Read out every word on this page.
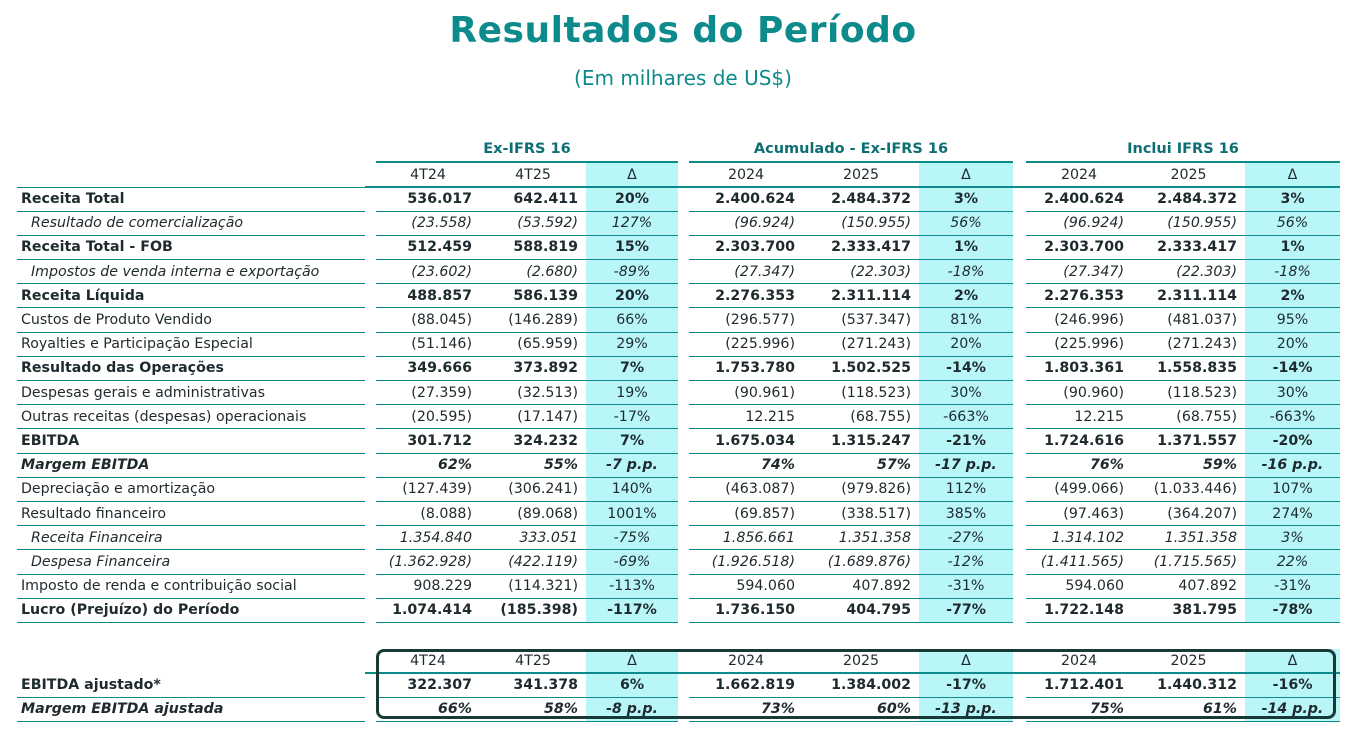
Resultados do Período
(Em milhares de US$)
Ex-IFRS 16	Acumulado - Ex-IFRS 16	Inclui IFRS 16
		4T24	4T25	Δ		2024	2025	Δ		2024	2025	Δ
Receita Total		536.017	642.411	20%		2.400.624	2.484.372	3%		2.400.624	2.484.372	3%
Resultado de comercialização		(23.558)	(53.592)	127%		(96.924)	(150.955)	56%		(96.924)	(150.955)	56%
Receita Total - FOB		512.459	588.819	15%		2.303.700	2.333.417	1%		2.303.700	2.333.417	1%
Impostos de venda interna e exportação		(23.602)	(2.680)	-89%		(27.347)	(22.303)	-18%		(27.347)	(22.303)	-18%
Receita Líquida		488.857	586.139	20%		2.276.353	2.311.114	2%		2.276.353	2.311.114	2%
Custos de Produto Vendido		(88.045)	(146.289)	66%		(296.577)	(537.347)	81%		(246.996)	(481.037)	95%
Royalties e Participação Especial		(51.146)	(65.959)	29%		(225.996)	(271.243)	20%		(225.996)	(271.243)	20%
Resultado das Operações		349.666	373.892	7%		1.753.780	1.502.525	-14%		1.803.361	1.558.835	-14%
Despesas gerais e administrativas		(27.359)	(32.513)	19%		(90.961)	(118.523)	30%		(90.960)	(118.523)	30%
Outras receitas (despesas) operacionais		(20.595)	(17.147)	-17%		12.215	(68.755)	-663%		12.215	(68.755)	-663%
EBITDA		301.712	324.232	7%		1.675.034	1.315.247	-21%		1.724.616	1.371.557	-20%
Margem EBITDA		62%	55%	-7 p.p.		74%	57%	-17 p.p.		76%	59%	-16 p.p.
Depreciação e amortização		(127.439)	(306.241)	140%		(463.087)	(979.826)	112%		(499.066)	(1.033.446)	107%
Resultado financeiro		(8.088)	(89.068)	1001%		(69.857)	(338.517)	385%		(97.463)	(364.207)	274%
Receita Financeira		1.354.840	333.051	-75%		1.856.661	1.351.358	-27%		1.314.102	1.351.358	3%
Despesa Financeira		(1.362.928)	(422.119)	-69%		(1.926.518)	(1.689.876)	-12%		(1.411.565)	(1.715.565)	22%
Imposto de renda e contribuição social		908.229	(114.321)	-113%		594.060	407.892	-31%		594.060	407.892	-31%
Lucro (Prejuízo) do Período		1.074.414	(185.398)	-117%		1.736.150	404.795	-77%		1.722.148	381.795	-78%
		4T24	4T25	Δ		2024	2025	Δ		2024	2025	Δ
EBITDA ajustado*		322.307	341.378	6%		1.662.819	1.384.002	-17%		1.712.401	1.440.312	-16%
Margem EBITDA ajustada		66%	58%	-8 p.p.		73%	60%	-13 p.p.		75%	61%	-14 p.p.
